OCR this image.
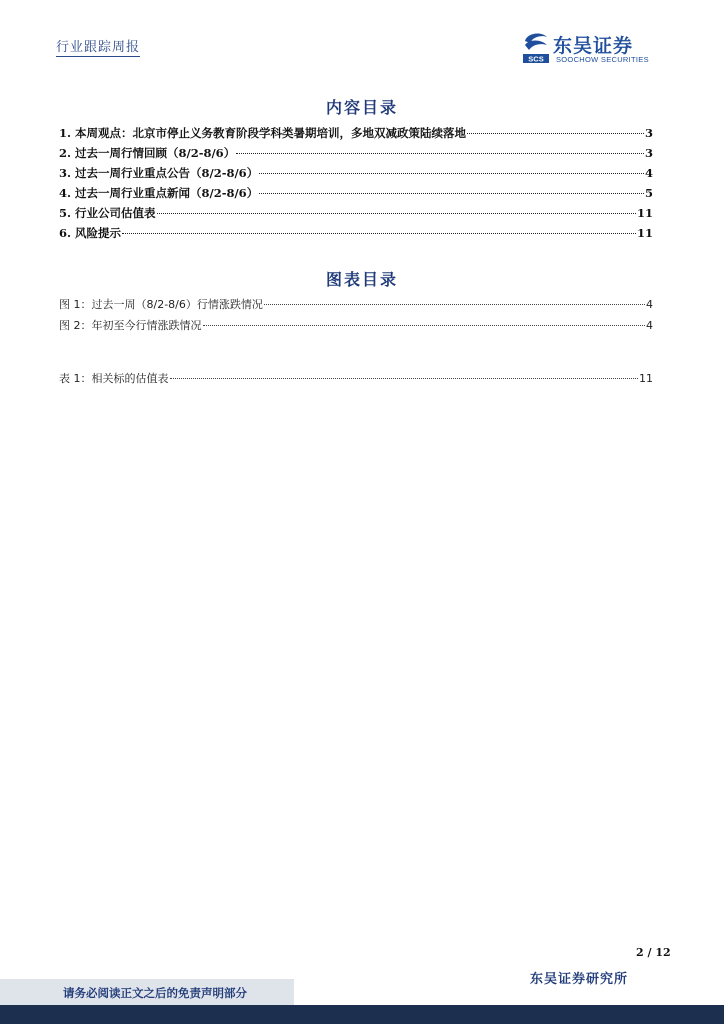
行业跟踪周报
SCS
东吴证券
SOOCHOW SECURITIES
内容目录
1. 本周观点：北京市停止义务教育阶段学科类暑期培训，多地双减政策陆续落地	3
2. 过去一周行情回顾（8/2-8/6）	3
3. 过去一周行业重点公告（8/2-8/6）	4
4. 过去一周行业重点新闻（8/2-8/6）	5
5. 行业公司估值表	11
6. 风险提示	11
图表目录
图 1：过去一周（8/2-8/6）行情涨跌情况	4
图 2：年初至今行情涨跌情况	4
表 1：相关标的估值表	11
2 / 12
东吴证券研究所
请务必阅读正文之后的免责声明部分
